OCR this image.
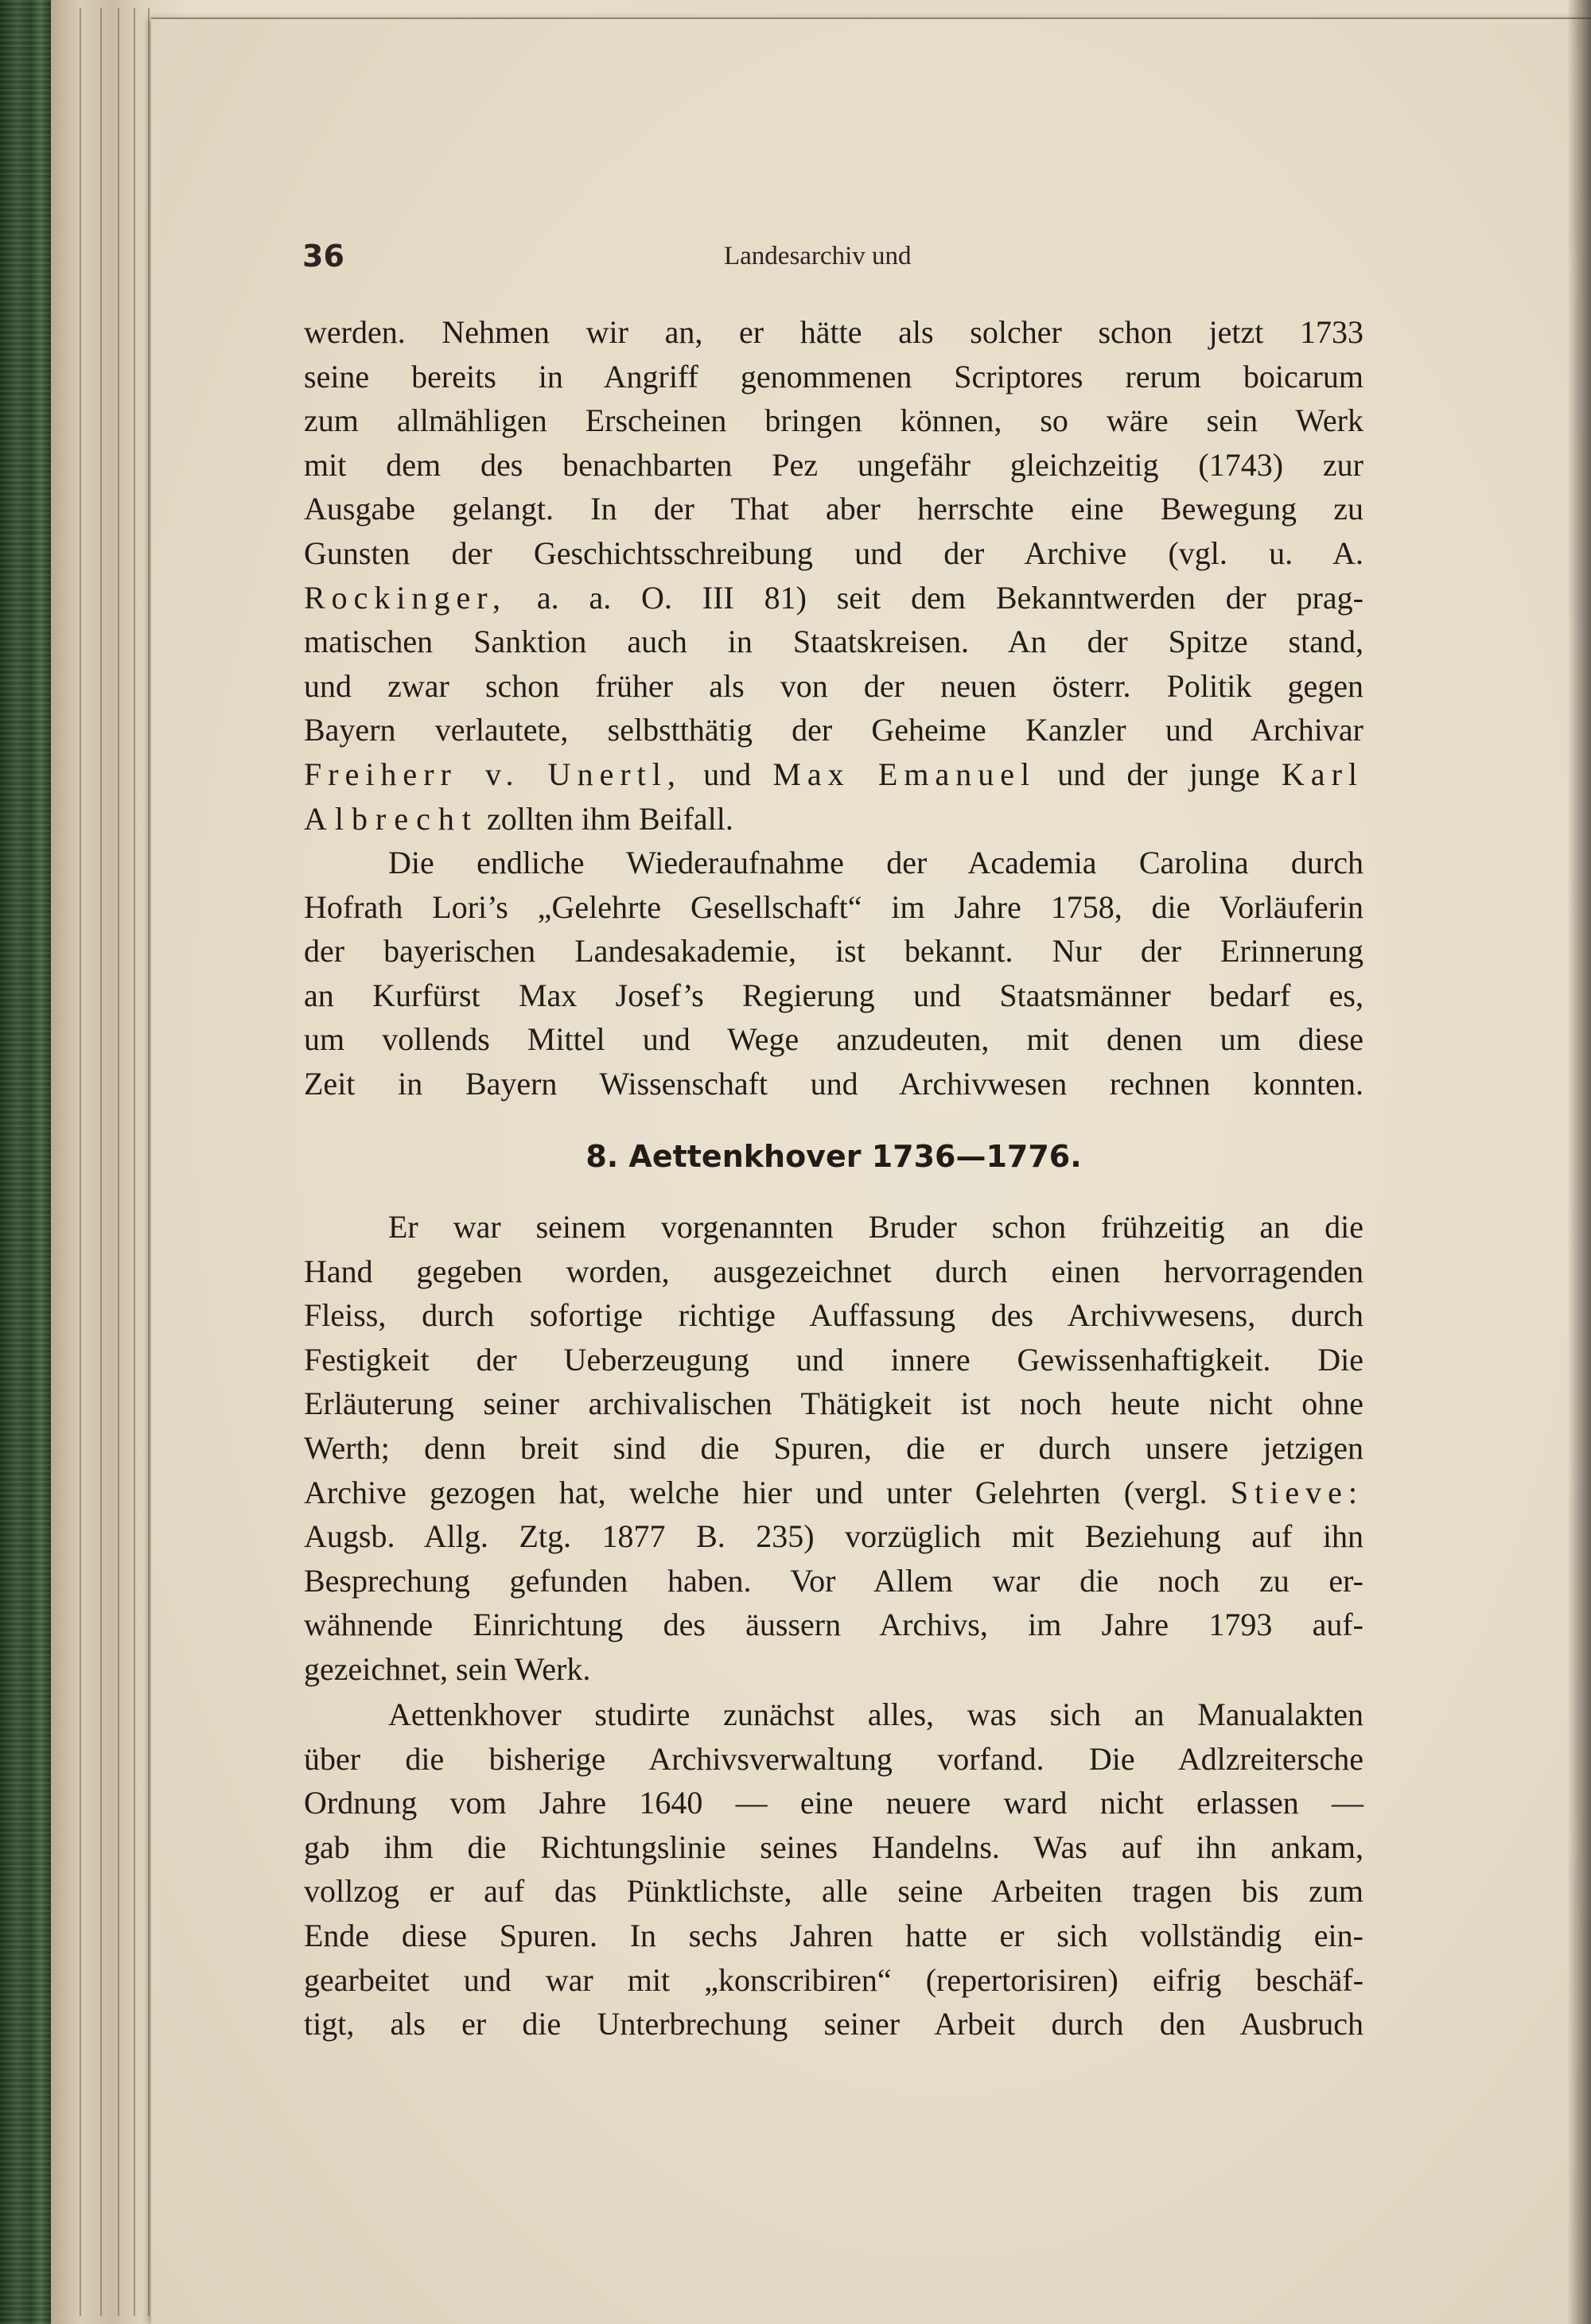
36	Landesarchiv und
werden. Nehmen wir an, er hätte als solcher schon jetzt 1733
seine bereits in Angriff genommenen Scriptores rerum boicarum
zum allmähligen Erscheinen bringen können, so wäre sein Werk
mit dem des benachbarten Pez ungefähr gleichzeitig (1743) zur
Ausgabe gelangt. In der That aber herrschte eine Bewegung zu
Gunsten der Geschichtsschreibung und der Archive (vgl. u. A.
Rockinger, a. a. O. III 81) seit dem Bekanntwerden der prag-
matischen Sanktion auch in Staatskreisen. An der Spitze stand,
und zwar schon früher als von der neuen österr. Politik gegen
Bayern verlautete, selbstthätig der Geheime Kanzler und Archivar
Freiherr v. Unertl, und Max Emanuel und der junge Karl
Albrecht zollten ihm Beifall.
Die endliche Wiederaufnahme der Academia Carolina durch
Hofrath Lori’s „Gelehrte Gesellschaft“ im Jahre 1758, die Vorläuferin
der bayerischen Landesakademie, ist bekannt. Nur der Erinnerung
an Kurfürst Max Josef’s Regierung und Staatsmänner bedarf es,
um vollends Mittel und Wege anzudeuten, mit denen um diese
Zeit in Bayern Wissenschaft und Archivwesen rechnen konnten.
8. Aettenkhover 1736—1776.
Er war seinem vorgenannten Bruder schon frühzeitig an die
Hand gegeben worden, ausgezeichnet durch einen hervorragenden
Fleiss, durch sofortige richtige Auffassung des Archivwesens, durch
Festigkeit der Ueberzeugung und innere Gewissenhaftigkeit. Die
Erläuterung seiner archivalischen Thätigkeit ist noch heute nicht ohne
Werth; denn breit sind die Spuren, die er durch unsere jetzigen
Archive gezogen hat, welche hier und unter Gelehrten (vergl. Stieve:
Augsb. Allg. Ztg. 1877 B. 235) vorzüglich mit Beziehung auf ihn
Besprechung gefunden haben. Vor Allem war die noch zu er-
wähnende Einrichtung des äussern Archivs, im Jahre 1793 auf-
gezeichnet, sein Werk.
Aettenkhover studirte zunächst alles, was sich an Manualakten
über die bisherige Archivsverwaltung vorfand. Die Adlzreitersche
Ordnung vom Jahre 1640 — eine neuere ward nicht erlassen —
gab ihm die Richtungslinie seines Handelns. Was auf ihn ankam,
vollzog er auf das Pünktlichste, alle seine Arbeiten tragen bis zum
Ende diese Spuren. In sechs Jahren hatte er sich vollständig ein-
gearbeitet und war mit „konscribiren“ (repertorisiren) eifrig beschäf-
tigt, als er die Unterbrechung seiner Arbeit durch den Ausbruch
